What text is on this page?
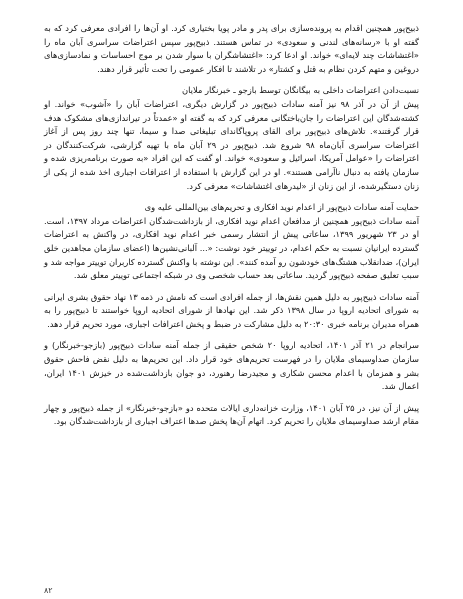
ذبیح‌پور همچنین اقدام به پرونده‌سازی برای پدر و مادر پویا بختیاری کرد. او آن‌ها را افرادی معرفی کرد که به گفته او با «رسانه‌های لندنی و سعودی» در تماس هستند. ذبیح‌پور سپس اعتراضات سراسری آبان ماه را «اغتشاشات چند لایه‌ای» خواند. او ادعا کرد: «اغتشاشگران با سوار شدن بر موج احساسات و نمادسازی‌های دروغین و متهم کردن نظام به قتل و کشتار» در تلاشند تا افکار عمومی را تحت تأثیر قرار دهند.

نسبت‌دادن اعتراضات داخلی به بیگانگان توسط بازجو ـ خبرنگار ملایان

پیش از آن در آذر ۹۸ نیز آمنه سادات ذبیح‌پور در گزارش دیگری، اعتراضات آبان را «آشوب» خواند. او کشته‌شدگان این اعتراضات را جان‌باختگانی معرفی کرد که به گفته او «عمدتاً در تیراندازی‌های مشکوک هدف قرار گرفتند». تلاش‌های ذبیح‌پور برای القای پروپاگاندای تبلیغاتی صدا و سیما، تنها چند روز پس از آغاز اعتراضات سراسری آبان‌ماه ۹۸ شروع شد. ذبیح‌پور در ۲۹ آبان ماه با تهیه گزارشی، شرکت‌کنندگان در اعتراضات را «عوامل آمریکا، اسرائیل و سعودی» خواند. او گفت که این افراد «به صورت برنامه‌ریزی شده و سازمان یافته به دنبال ناآرامی هستند». او در این گزارش با استفاده از اعترافات اجباری اخذ شده از یکی از زنان دستگیرشده، از این زنان از «لیدرهای اغتشاشات» معرفی کرد.

حمایت آمنه سادات ذبیح‌پور از اعدام نوید افکاری و تحریم‌های بین‌المللی علیه وی

آمنه سادات ذبیح‌پور همچنین از مدافعان اعدام نوید افکاری، از بازداشت‌شدگان اعتراضات مرداد ۱۳۹۷، است. او در ۲۳ شهریور ۱۳۹۹، ساعاتی پیش از انتشار رسمی خبر اعدام نوید افکاری، در واکنش به اعتراضات گسترده ایرانیان نسبت به حکم اعدام، در توییتر خود نوشت: «... آلبانی‌نشین‌ها (اعضای سازمان مجاهدین خلق ایران)، ضدانقلاب هشتگ‌های خودشون رو آمده کنند». این نوشته با واکنش گسترده کاربران توییتر مواجه شد و سبب تعلیق صفحه ذبیح‌پور گردید. ساعاتی بعد حساب شخصی وی در شبکه اجتماعی توییتر معلق شد.

آمنه سادات ذبیح‌پور به دلیل همین نقش‌ها، از جمله افرادی است که نامش در ذمه ۱۳ نهاد حقوق بشری ایرانی به شورای اتحادیه اروپا در سال ۱۳۹۸ ذکر شد. این نهادها از شورای اتحادیه اروپا خواستند تا ذبیح‌پور را به همراه مدیران برنامه خبری ۲۰:۳۰ به دلیل مشارکت در ضبط و پخش اعترافات اجباری، مورد تحریم قرار دهد.

سرانجام در ۲۱ آذر ۱۴۰۱، اتحادیه اروپا ۲۰ شخص حقیقی از جمله آمنه سادات ذبیح‌پور (بازجو-خبرنگار) و سازمان صداوسیمای ملایان را در فهرست تحریم‌های خود قرار داد. این تحریم‌ها به دلیل نقض فاحش حقوق بشر و همزمان با اعدام محسن شکاری و مجیدرضا رهنورد، دو جوان بازداشت‌شده در خیزش ۱۴۰۱ ایران، اعمال شد.

پیش از آن نیز، در ۲۵ آبان ۱۴۰۱، وزارت خزانه‌داری ایالات متحده دو «بازجو-خبرنگار» از جمله ذبیح‌پور و چهار مقام ارشد صداوسیمای ملایان را تحریم کرد. اتهام آن‌ها پخش صدها اعتراف اجباری از بازداشت‌شدگان بود.

۸۲
